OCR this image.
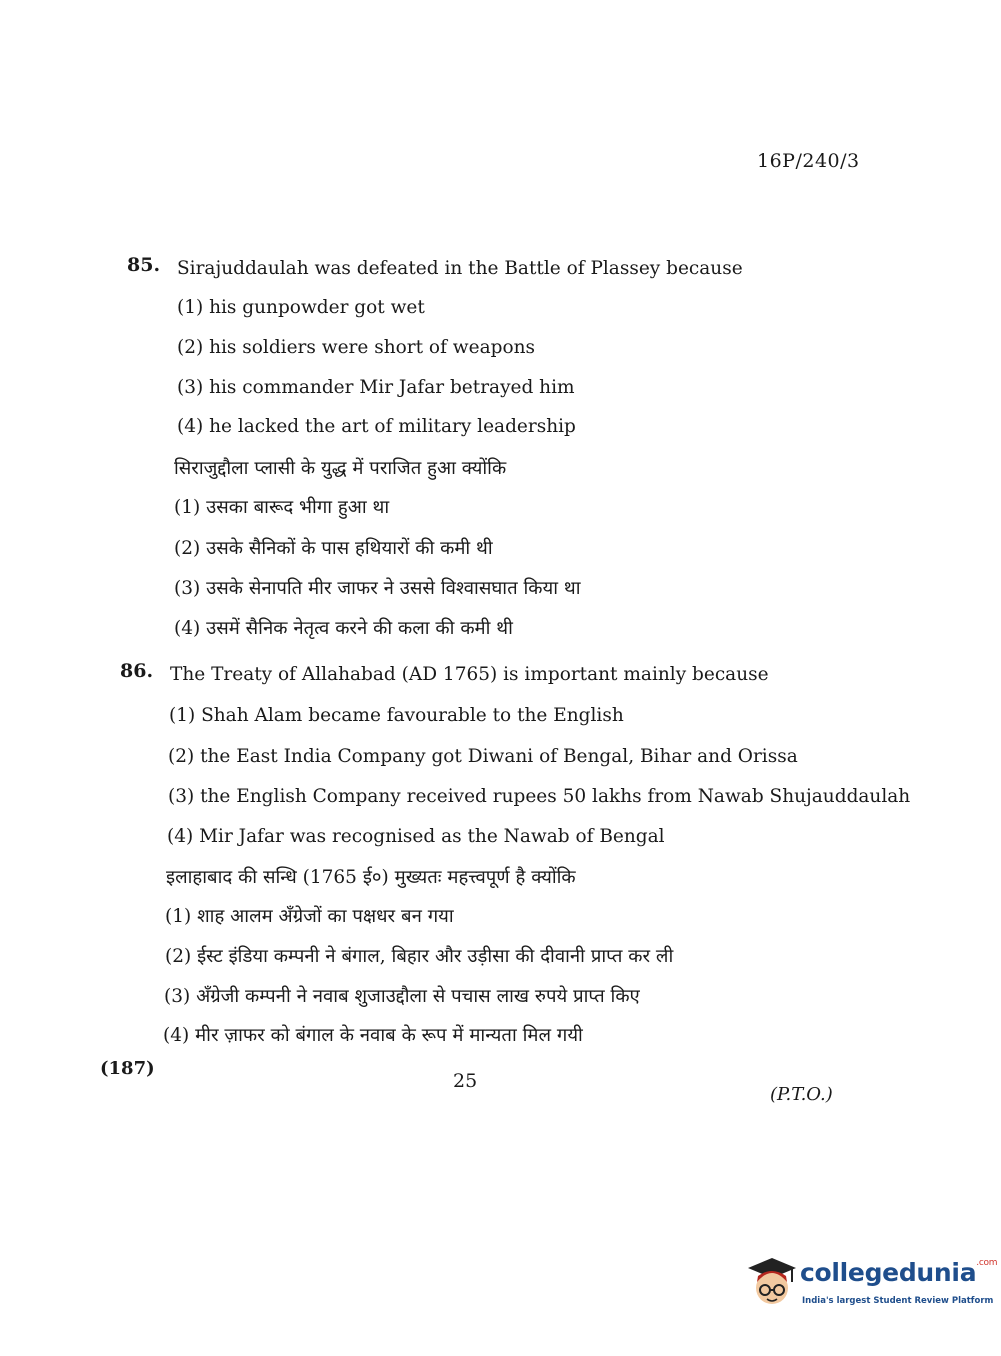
16P/240/3
85. Sirajuddaulah was defeated in the Battle of Plassey because
(1) his gunpowder got wet
(2) his soldiers were short of weapons
(3) his commander Mir Jafar betrayed him
(4) he lacked the art of military leadership
सिराजुद्दौला प्लासी के युद्ध में पराजित हुआ क्योंकि
(1) उसका बारूद भीगा हुआ था
(2) उसके सैनिकों के पास हथियारों की कमी थी
(3) उसके सेनापति मीर जाफर ने उससे विश्वासघात किया था
(4) उसमें सैनिक नेतृत्व करने की कला की कमी थी
86. The Treaty of Allahabad (AD 1765) is important mainly because
(1) Shah Alam became favourable to the English
(2) the East India Company got Diwani of Bengal, Bihar and Orissa
(3) the English Company received rupees 50 lakhs from Nawab Shujauddaulah
(4) Mir Jafar was recognised as the Nawab of Bengal
इलाहाबाद की सन्धि (1765 ई०) मुख्यतः महत्त्वपूर्ण है क्योंकि
(1) शाह आलम अँग्रेजों का पक्षधर बन गया
(2) ईस्ट इंडिया कम्पनी ने बंगाल, बिहार और उड़ीसा की दीवानी प्राप्त कर ली
(3) अँग्रेजी कम्पनी ने नवाब शुजाउद्दौला से पचास लाख रुपये प्राप्त किए
(4) मीर ज़ाफर को बंगाल के नवाब के रूप में मान्यता मिल गयी
(187)
25
(P.T.O.)
collegedunia$^{.com}$
India's largest Student Review Platform
